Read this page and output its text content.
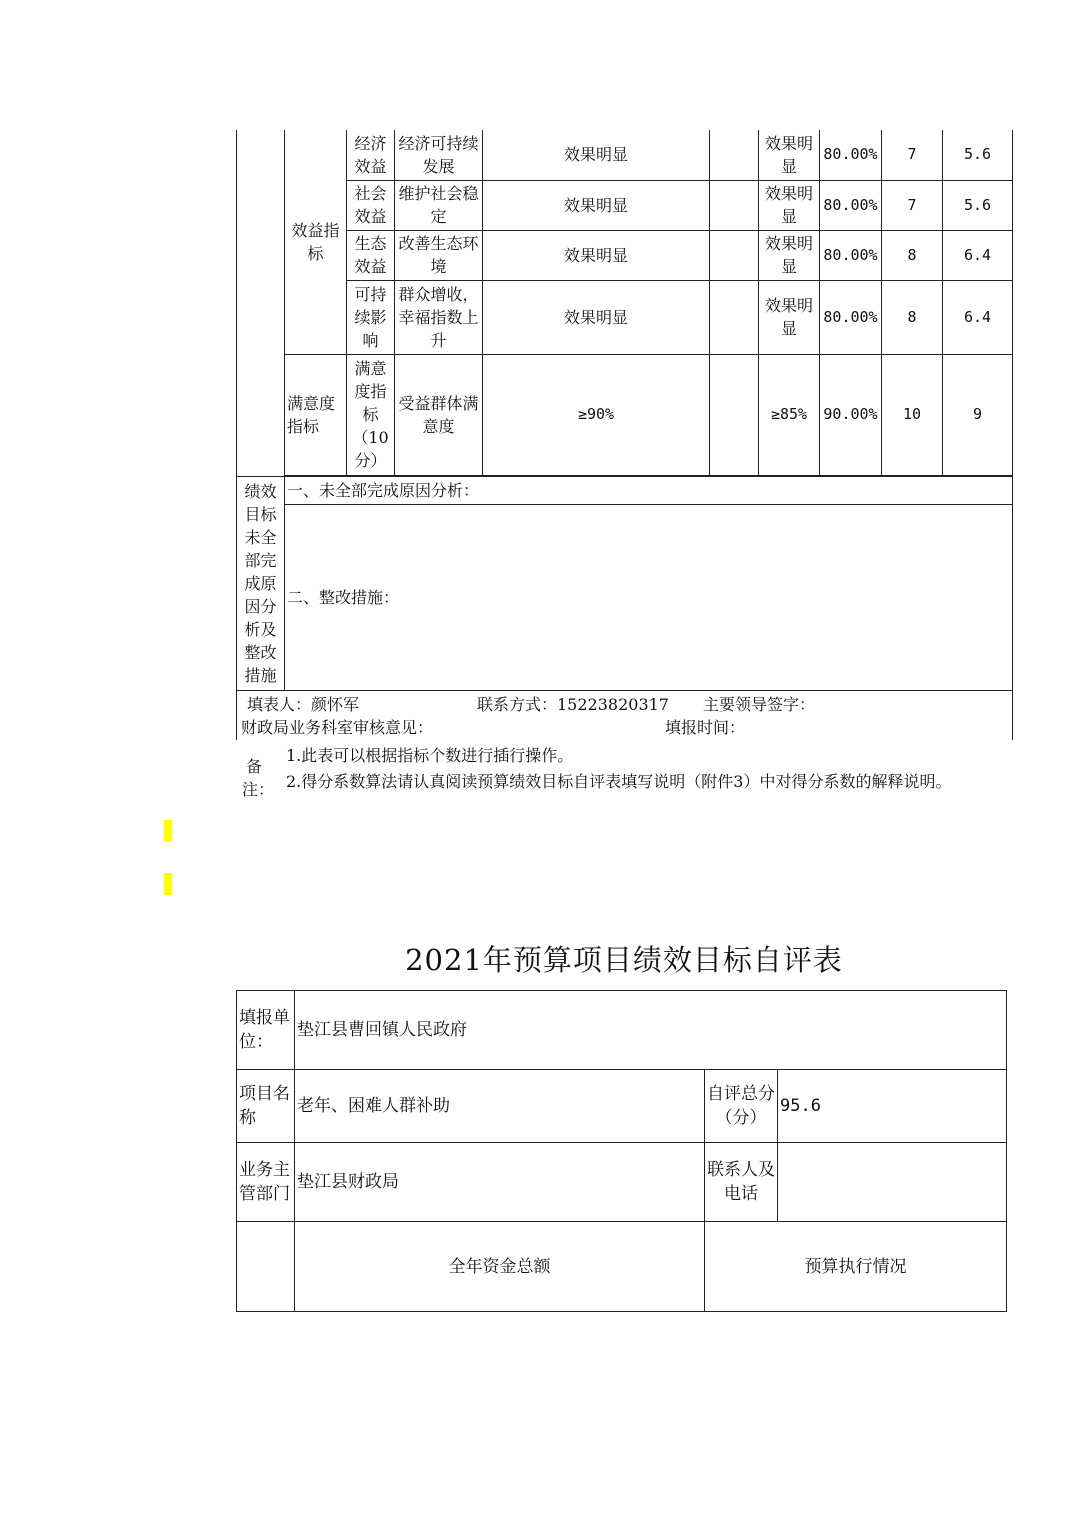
	效益指标	经济效益	经济可持续发展	效果明显		效果明显	80.00%	7	5.6
		社会效益	维护社会稳定	效果明显		效果明显	80.00%	7	5.6
		生态效益	改善生态环境	效果明显		效果明显	80.00%	8	6.4
		可持续影响	群众增收，幸福指数上升	效果明显		效果明显	80.00%	8	6.4
	满意度指标	满意度指标（10分）	受益群体满意度	≥90%		≥85%	90.00%	10	9

绩效目标未全部完成原因分析及整改措施	一、未全部完成原因分析：								
	二、整改措施：								

填表人：颜怀军 联系方式：15223820317 主要领导签字：
财政局业务科室审核意见： 填报时间：									
备注：
1.此表可以根据指标个数进行插行操作。
2.得分系数算法请认真阅读预算绩效目标自评表填写说明（附件3）中对得分系数的解释说明。
2021年预算项目绩效目标自评表
填报单位：	垫江县曹回镇人民政府		
项目名称	老年、困难人群补助	自评总分（分）	95.6
业务主管部门	垫江县财政局	联系人及电话	
	全年资金总额	预算执行情况	
